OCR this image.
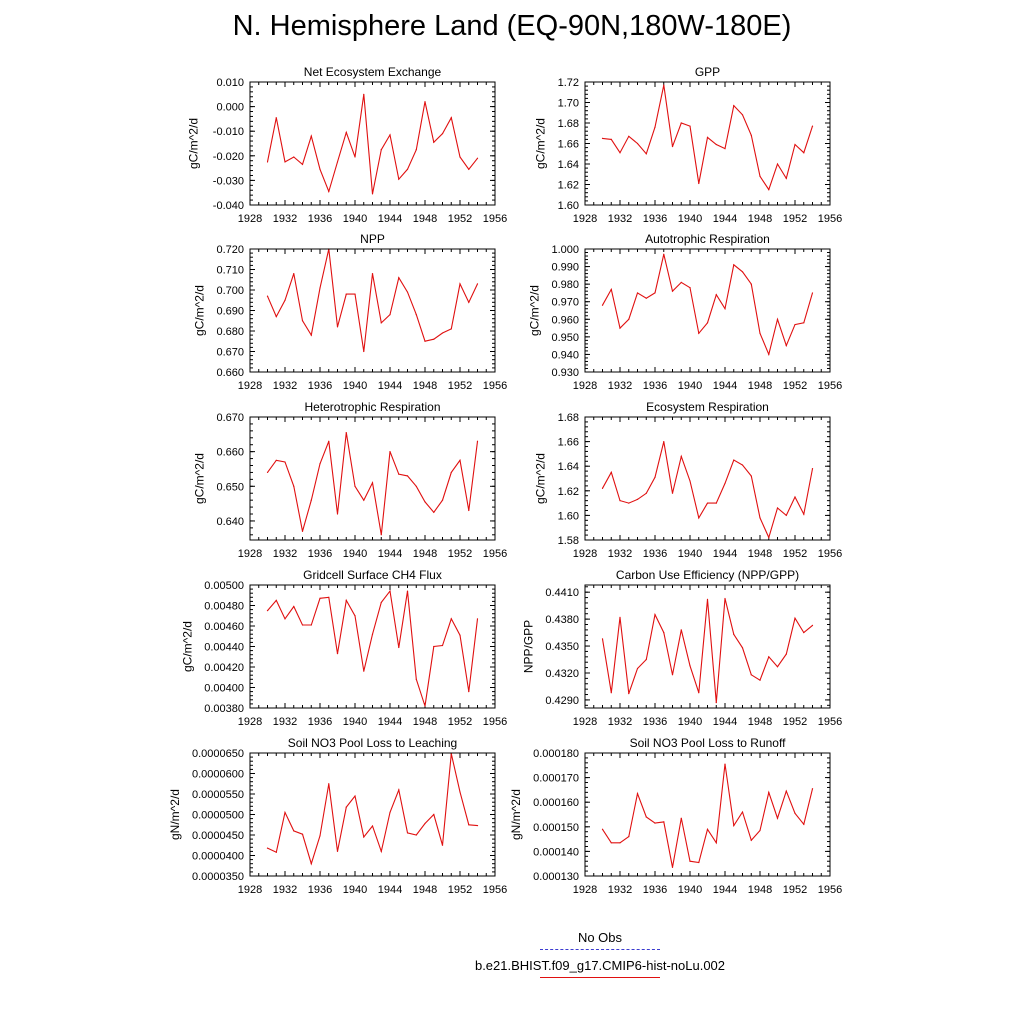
N. Hemisphere Land (EQ-90N,180W-180E)
Net Ecosystem Exchange
1928 1932 1936 1940 1944 1948 1952 1956
-0.040
-0.030
-0.020
-0.010
0.000
0.010
gC/m^2/d
GPP
1928 1932 1936 1940 1944 1948 1952 1956
1.60
1.62
1.64
1.66
1.68
1.70
1.72
gC/m^2/d
NPP
1928 1932 1936 1940 1944 1948 1952 1956
0.660
0.670
0.680
0.690
0.700
0.710
0.720
gC/m^2/d
Autotrophic Respiration
1928 1932 1936 1940 1944 1948 1952 1956
0.930
0.940
0.950
0.960
0.970
0.980
0.990
1.000
gC/m^2/d
Heterotrophic Respiration
1928 1932 1936 1940 1944 1948 1952 1956
0.640
0.650
0.660
0.670
gC/m^2/d
Ecosystem Respiration
1928 1932 1936 1940 1944 1948 1952 1956
1.58
1.60
1.62
1.64
1.66
1.68
gC/m^2/d
Gridcell Surface CH4 Flux
1928 1932 1936 1940 1944 1948 1952 1956
0.00380
0.00400
0.00420
0.00440
0.00460
0.00480
0.00500
gC/m^2/d
Carbon Use Efficiency (NPP/GPP)
1928 1932 1936 1940 1944 1948 1952 1956
0.4290
0.4320
0.4350
0.4380
0.4410
NPP/GPP
Soil NO3 Pool Loss to Leaching
1928 1932 1936 1940 1944 1948 1952 1956
0.0000350
0.0000400
0.0000450
0.0000500
0.0000550
0.0000600
0.0000650
gN/m^2/d
Soil NO3 Pool Loss to Runoff
1928 1932 1936 1940 1944 1948 1952 1956
0.000130
0.000140
0.000150
0.000160
0.000170
0.000180
gN/m^2/d
No Obs
b.e21.BHIST.f09_g17.CMIP6-hist-noLu.002
